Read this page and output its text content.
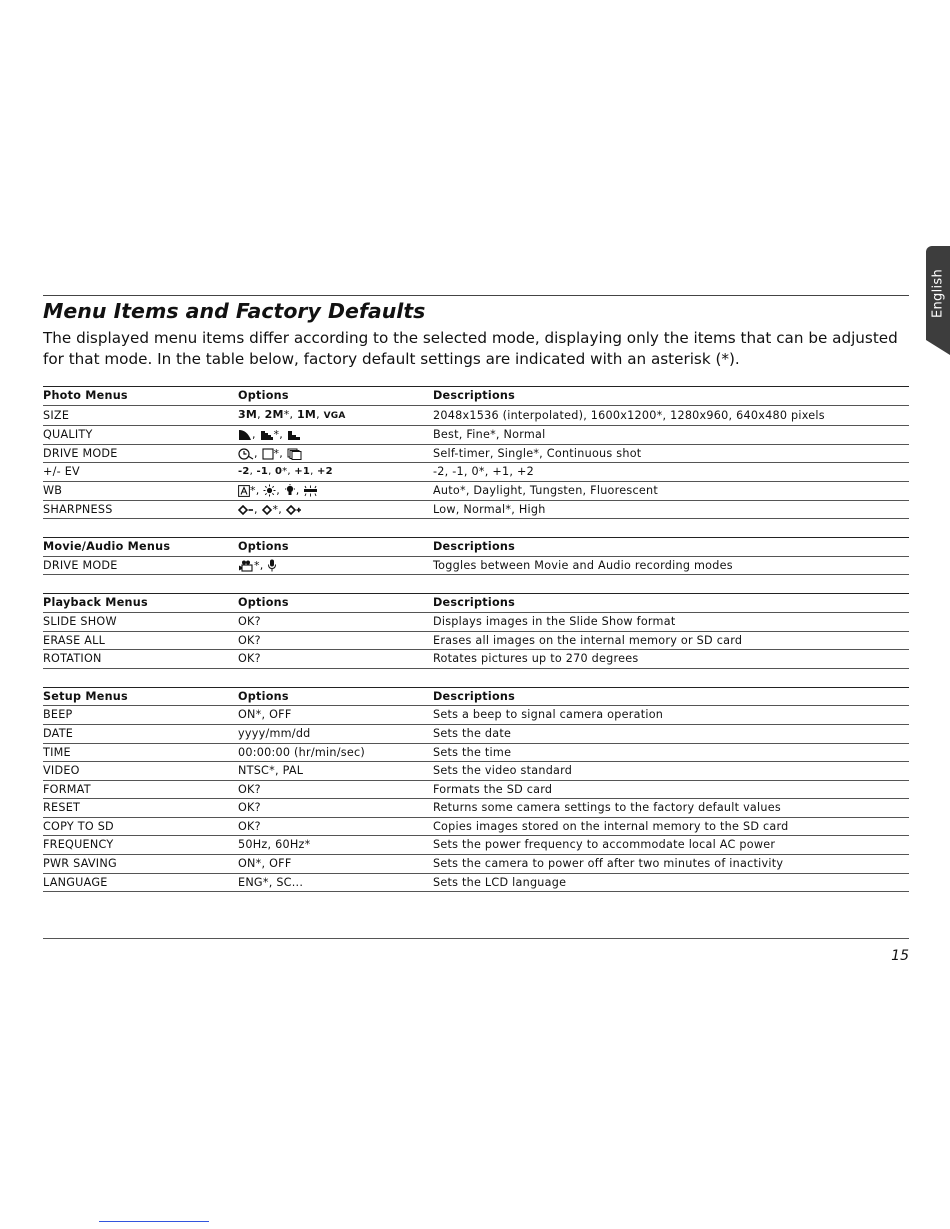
English
Menu Items and Factory Defaults

The displayed menu items differ according to the selected mode, displaying only the items that can be adjusted for that mode. In the table below, factory default settings are indicated with an asterisk (*).

Photo Menus	Options	Descriptions
SIZE	3M, 2M*, 1M, VGA	2048x1536 (interpolated), 1600x1200*, 1280x960, 640x480 pixels
QUALITY	, *,	Best, Fine*, Normal
DRIVE MODE	, *,	Self-timer, Single*, Continuous shot
+/- EV	-2, -1, 0*, +1, +2	-2, -1, 0*, +1, +2
WB	*, , ,	Auto*, Daylight, Tungsten, Fluorescent
SHARPNESS	, *,	Low, Normal*, High
Movie/Audio Menus	Options	Descriptions
DRIVE MODE	*,	Toggles between Movie and Audio recording modes
Playback Menus	Options	Descriptions
SLIDE SHOW	OK?	Displays images in the Slide Show format
ERASE ALL	OK?	Erases all images on the internal memory or SD card
ROTATION	OK?	Rotates pictures up to 270 degrees
Setup Menus	Options	Descriptions
BEEP	ON*, OFF	Sets a beep to signal camera operation
DATE	yyyy/mm/dd	Sets the date
TIME	00:00:00 (hr/min/sec)	Sets the time
VIDEO	NTSC*, PAL	Sets the video standard
FORMAT	OK?	Formats the SD card
RESET	OK?	Returns some camera settings to the factory default values
COPY TO SD	OK?	Copies images stored on the internal memory to the SD card
FREQUENCY	50Hz, 60Hz*	Sets the power frequency to accommodate local AC power
PWR SAVING	ON*, OFF	Sets the camera to power off after two minutes of inactivity
LANGUAGE	ENG*, SC...	Sets the LCD language
15
